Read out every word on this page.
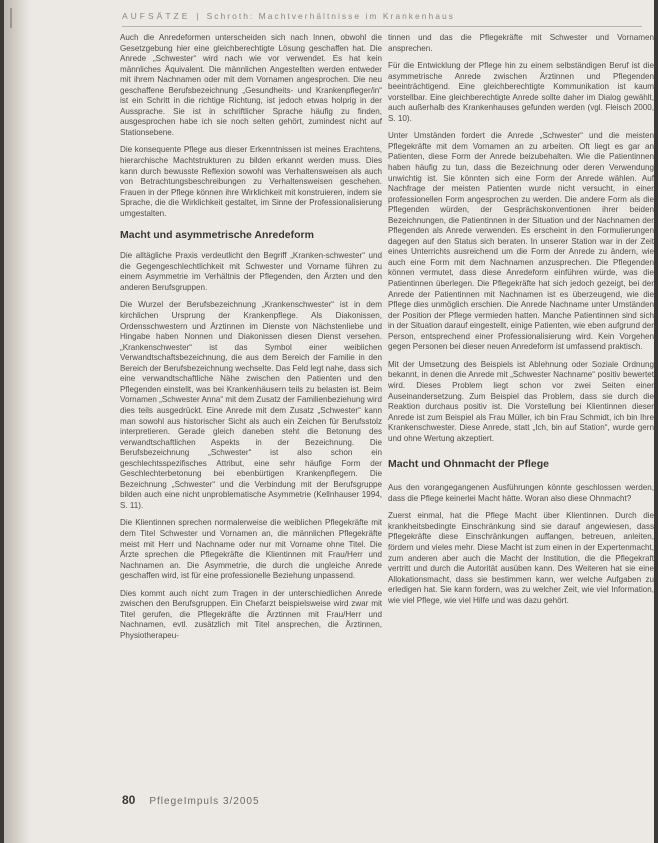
AUFSÄTZE | Schroth: Machtverhältnisse im Krankenhaus

Auch die Anredeformen unterscheiden sich nach Innen, obwohl die Gesetzgebung hier eine gleichberechtigte Lösung geschaffen hat. Die Anrede „Schwester“ wird nach wie vor verwendet. Es hat kein männliches Äquivalent. Die männlichen Angestellten werden entweder mit ihrem Nachnamen oder mit dem Vornamen angesprochen. Die neu geschaffene Berufsbezeichnung „Gesundheits- und Krankenpfleger/in“ ist ein Schritt in die richtige Richtung, ist jedoch etwas holprig in der Aussprache. Sie ist in schriftlicher Sprache häufig zu finden, ausgesprochen habe ich sie noch selten gehört, zumindest nicht auf Stationsebene.

Die konsequente Pflege aus dieser Erkenntnissen ist meines Erachtens, hierarchische Machtstrukturen zu bilden erkannt werden muss. Dies kann durch bewusste Reflexion sowohl was Verhaltensweisen als auch von Betrachtungsbeschreibungen zu Verhaltensweisen geschehen. Frauen in der Pflege können ihre Wirklichkeit mit konstruieren, indem sie Sprache, die die Wirklichkeit gestaltet, im Sinne der Professionalisierung umgestalten.

Macht und asymmetrische Anredeform

Die alltägliche Praxis verdeutlicht den Begriff „Kranken-schwester“ und die Gegengeschlechtlichkeit mit Schwester und Vorname führen zu einem Asymmetrie im Verhältnis der Pflegenden, den Ärzten und den anderen Berufsgruppen.

Die Wurzel der Berufsbezeichnung „Krankenschwester“ ist in dem kirchlichen Ursprung der Krankenpflege. Als Diakonissen, Ordensschwestern und Ärztinnen im Dienste von Nächstenliebe und Hingabe haben Nonnen und Diakonissen diesen Dienst versehen. „Krankenschwester“ ist das Symbol einer weiblichen Verwandtschaftsbezeichnung, die aus dem Bereich der Familie in den Bereich der Berufsbezeichnung wechselte. Das Feld legt nahe, dass sich eine verwandtschaftliche Nähe zwischen den Patienten und den Pflegenden einstellt, was bei Krankenhäusern teils zu belasten ist. Beim Vornamen „Schwester Anna“ mit dem Zusatz der Familienbeziehung wird dies teils ausgedrückt. Eine Anrede mit dem Zusatz „Schwester“ kann man sowohl aus historischer Sicht als auch ein Zeichen für Berufsstolz interpretieren. Gerade gleich daneben steht die Betonung des verwandtschaftlichen Aspekts in der Bezeichnung. Die Berufsbezeichnung „Schwester“ ist also schon ein geschlechtsspezifisches Attribut, eine sehr häufige Form der Geschlechterbetonung bei ebenbürtigen Krankenpflegern. Die Bezeichnung „Schwester“ und die Verbindung mit der Berufsgruppe bilden auch eine nicht unproblematische Asymmetrie (Kellnhauser 1994, S. 11).

Die Klientinnen sprechen normalerweise die weiblichen Pflegekräfte mit dem Titel Schwester und Vornamen an, die männlichen Pflegekräfte meist mit Herr und Nachname oder nur mit Vorname ohne Titel. Die Ärzte sprechen die Pflegekräfte die Klientinnen mit Frau/Herr und Nachnamen an. Die Asymmetrie, die durch die ungleiche Anrede geschaffen wird, ist für eine professionelle Beziehung unpassend.

Dies kommt auch nicht zum Tragen in der unterschiedlichen Anrede zwischen den Berufsgruppen. Ein Chefarzt beispielsweise wird zwar mit Titel gerufen, die Pflegekräfte die Ärztinnen mit Frau/Herr und Nachnamen, evtl. zusätzlich mit Titel ansprechen, die Ärztinnen, Physiotherapeu-

tinnen und das die Pflegekräfte mit Schwester und Vornamen ansprechen.

Für die Entwicklung der Pflege hin zu einem selbständigen Beruf ist die asymmetrische Anrede zwischen Ärztinnen und Pflegenden beeinträchtigend. Eine gleichberechtigte Kommunikation ist kaum vorstellbar. Eine gleichberechtigte Anrede sollte daher im Dialog gewählt, auch außerhalb des Krankenhauses gefunden werden (vgl. Fleisch 2000, S. 10).

Unter Umständen fordert die Anrede „Schwester“ und die meisten Pflegekräfte mit dem Vornamen an zu arbeiten. Oft liegt es gar an Patienten, diese Form der Anrede beizubehalten. Wie die Patientinnen haben häufig zu tun, dass die Bezeichnung oder deren Verwendung unwichtig ist. Sie könnten sich eine Form der Anrede wählen. Auf Nachfrage der meisten Patienten wurde nicht versucht, in einer professionellen Form angesprochen zu werden. Die andere Form als die Pflegenden würden, der Gesprächskonventionen ihrer beiden Bezeichnungen, die Patientinnen in der Situation und der Nachnamen der Pflegenden als Anrede verwenden. Es erscheint in den Formulierungen dagegen auf den Status sich beraten. In unserer Station war in der Zeit eines Unterrichts ausreichend um die Form der Anrede zu ändern, wie auch eine Form mit dem Nachnamen anzusprechen. Die Pflegenden können vermutet, dass diese Anredeform einführen würde, was die Patientinnen überlegen. Die Pflegekräfte hat sich jedoch gezeigt, bei der Anrede der Patientinnen mit Nachnamen ist es überzeugend, wie die Pflege dies unmöglich erschien. Die Anrede Nachname unter Umständen der Position der Pflege vermieden hatten. Manche Patientinnen sind sich in der Situation darauf eingestellt, einige Patienten, wie eben aufgrund der Person, entsprechend einer Professionalisierung wird. Kein Vorgehen gegen Personen bei dieser neuen Anredeform ist umfassend praktisch.

Mit der Umsetzung des Beispiels ist Ablehnung oder Soziale Ordnung bekannt, in denen die Anrede mit „Schwester Nachname“ positiv bewertet wird. Dieses Problem liegt schon vor zwei Seiten einer Auseinandersetzung. Zum Beispiel das Problem, dass sie durch die Reaktion durchaus positiv ist. Die Vorstellung bei Klientinnen dieser Anrede ist zum Beispiel als Frau Müller, ich bin Frau Schmidt, ich bin Ihre Krankenschwester. Diese Anrede, statt „Ich, bin auf Station“, wurde gern und ohne Wertung akzeptiert.

Macht und Ohnmacht der Pflege

Aus den vorangegangenen Ausführungen könnte geschlossen werden, dass die Pflege keinerlei Macht hätte. Woran also diese Ohnmacht?

Zuerst einmal, hat die Pflege Macht über Klientinnen. Durch die krankheitsbedingte Einschränkung sind sie darauf angewiesen, dass Pflegekräfte diese Einschränkungen auffangen, betreuen, anleiten, fördern und vieles mehr. Diese Macht ist zum einen in der Expertenmacht, zum anderen aber auch die Macht der Institution, die die Pflegekraft vertritt und durch die Autorität ausüben kann. Des Weiteren hat sie eine Allokationsmacht, dass sie bestimmen kann, wer welche Aufgaben zu erledigen hat. Sie kann fordern, was zu welcher Zeit, wie viel Information, wie viel Pflege, wie viel Hilfe und was dazu gehört.

80 PflegeImpuls 3/2005
